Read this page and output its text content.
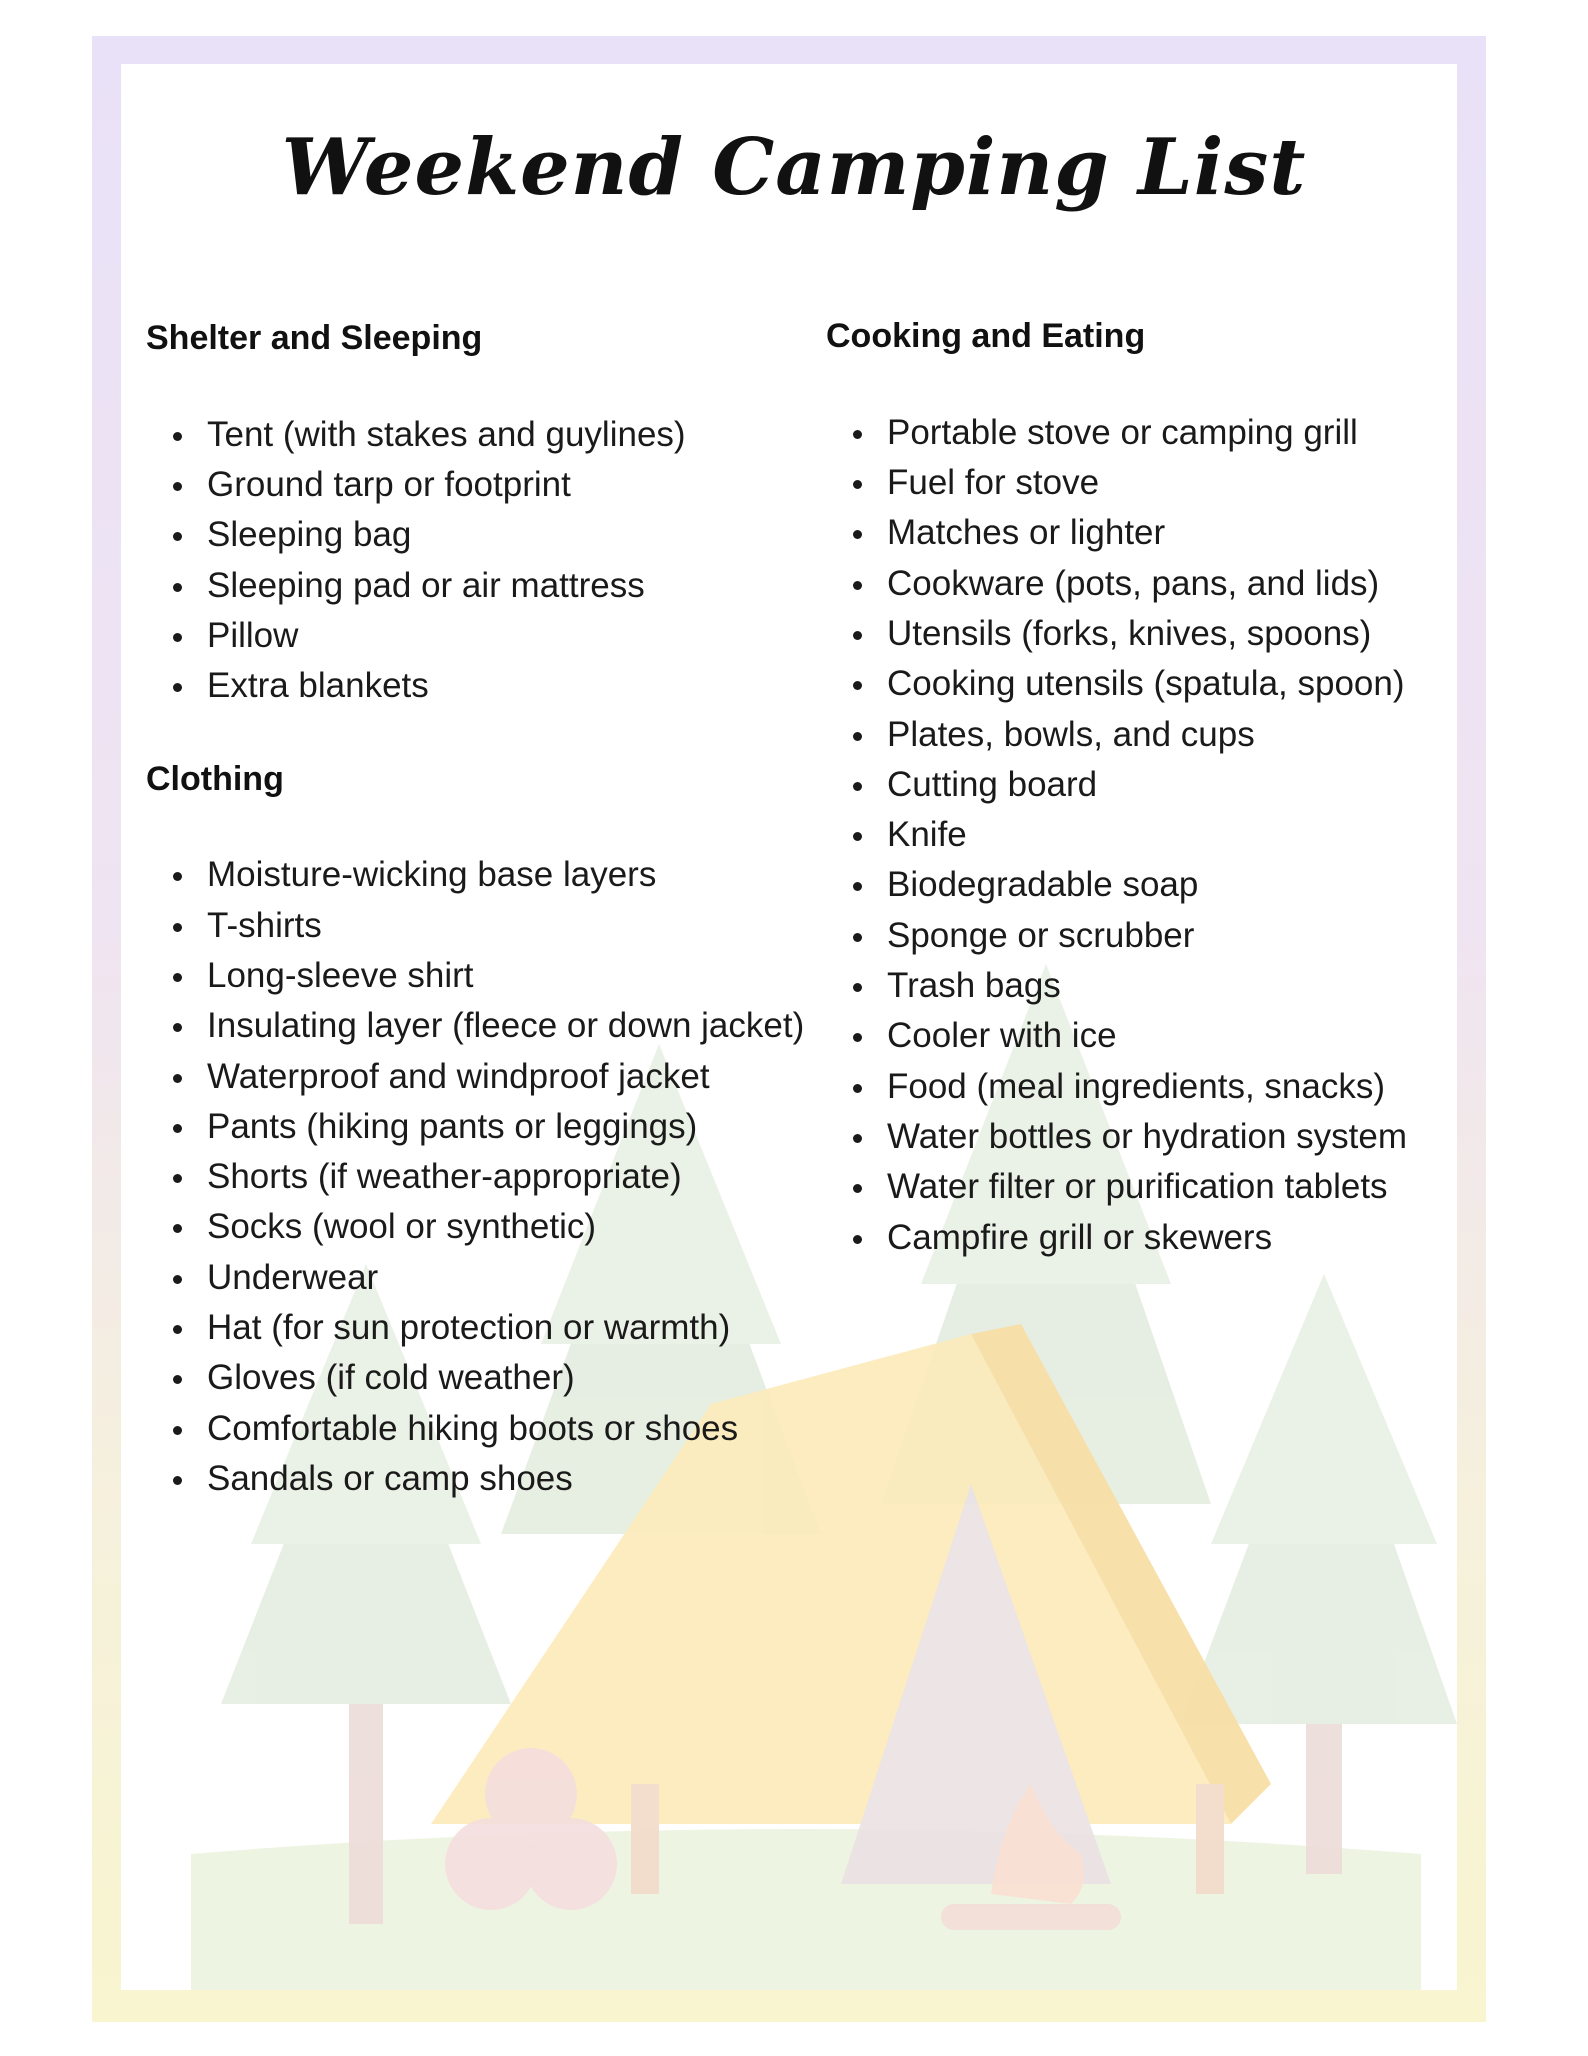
Weekend Camping List
Shelter and Sleeping
Tent (with stakes and guylines)
Ground tarp or footprint
Sleeping bag
Sleeping pad or air mattress
Pillow
Extra blankets
Clothing
Moisture-wicking base layers
T-shirts
Long-sleeve shirt
Insulating layer (fleece or down jacket)
Waterproof and windproof jacket
Pants (hiking pants or leggings)
Shorts (if weather-appropriate)
Socks (wool or synthetic)
Underwear
Hat (for sun protection or warmth)
Gloves (if cold weather)
Comfortable hiking boots or shoes
Sandals or camp shoes
Cooking and Eating
Portable stove or camping grill
Fuel for stove
Matches or lighter
Cookware (pots, pans, and lids)
Utensils (forks, knives, spoons)
Cooking utensils (spatula, spoon)
Plates, bowls, and cups
Cutting board
Knife
Biodegradable soap
Sponge or scrubber
Trash bags
Cooler with ice
Food (meal ingredients, snacks)
Water bottles or hydration system
Water filter or purification tablets
Campfire grill or skewers
